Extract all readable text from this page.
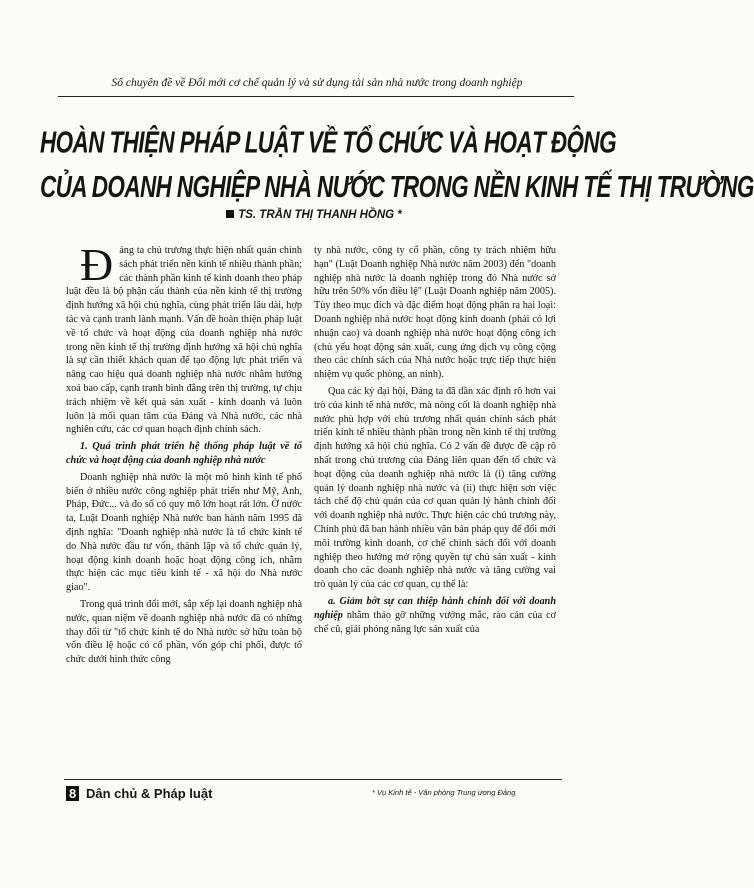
Số chuyên đề về Đổi mới cơ chế quản lý và sử dụng tài sản nhà nước trong doanh nghiệp
HOÀN THIỆN PHÁP LUẬT VỀ TỔ CHỨC VÀ HOẠT ĐỘNG
CỦA DOANH NGHIỆP NHÀ NƯỚC TRONG NỀN KINH TẾ THỊ TRƯỜNG
TS. TRẦN THỊ THANH HỒNG *

Đảng ta chủ trương thực hiện nhất quán chính sách phát triển nền kinh tế nhiều thành phần; các thành phần kinh tế kinh doanh theo pháp luật đều là bộ phận cấu thành của nền kinh tế thị trường định hướng xã hội chủ nghĩa, cùng phát triển lâu dài, hợp tác và cạnh tranh lành mạnh. Vấn đề hoàn thiện pháp luật về tổ chức và hoạt động của doanh nghiệp nhà nước trong nền kinh tế thị trường định hướng xã hội chủ nghĩa là sự cần thiết khách quan để tạo động lực phát triển và nâng cao hiệu quả doanh nghiệp nhà nước nhằm hướng xoá bao cấp, cạnh tranh bình đẳng trên thị trường, tự chịu trách nhiệm về kết quả sản xuất - kinh doanh và luôn luôn là mối quan tâm của Đảng và Nhà nước, các nhà nghiên cứu, các cơ quan hoạch định chính sách.

1. Quá trình phát triển hệ thống pháp luật về tổ chức và hoạt động của doanh nghiệp nhà nước

Doanh nghiệp nhà nước là một mô hình kinh tế phổ biến ở nhiều nước công nghiệp phát triển như Mỹ, Anh, Pháp, Đức... và đo số có quy mô lớn hoạt rất lớn. Ở nước ta, Luật Doanh nghiệp Nhà nước ban hành năm 1995 đã định nghĩa: "Doanh nghiệp nhà nước là tổ chức kinh tế do Nhà nước đầu tư vốn, thành lập và tổ chức quản lý, hoạt động kinh doanh hoặc hoạt động công ích, nhằm thực hiện các mục tiêu kinh tế - xã hội do Nhà nước giao".

Trong quá trình đổi mới, sắp xếp lại doanh nghiệp nhà nước, quan niệm về doanh nghiệp nhà nước đã có những thay đổi từ "tổ chức kinh tế do Nhà nước sở hữu toàn bộ vốn điều lệ hoặc có cổ phần, vốn góp chi phối, được tổ chức dưới hình thức công

ty nhà nước, công ty cổ phần, công ty trách nhiệm hữu hạn" (Luật Doanh nghiệp Nhà nước năm 2003) đến "doanh nghiệp nhà nước là doanh nghiệp trong đó Nhà nước sở hữu trên 50% vốn điều lệ" (Luật Doanh nghiệp năm 2005). Tùy theo mục đích và đặc điểm hoạt động phân ra hai loại: Doanh nghiệp nhà nước hoạt động kinh doanh (phải có lợi nhuận cao) và doanh nghiệp nhà nước hoạt động công ích (chủ yếu hoạt động sản xuất, cung ứng dịch vụ công cộng theo các chính sách của Nhà nước hoặc trực tiếp thực hiện nhiệm vụ quốc phòng, an ninh).

Qua các kỳ đại hội, Đảng ta đã dần xác định rõ hơn vai trò của kinh tế nhà nước, mà nòng cốt là doanh nghiệp nhà nước phù hợp với chủ trương nhất quán chính sách phát triển kinh tế nhiều thành phần trong nền kinh tế thị trường định hướng xã hội chủ nghĩa. Có 2 vấn đề được đề cập rõ nhất trong chủ trương của Đảng liên quan đến tổ chức và hoạt động của doanh nghiệp nhà nước là (i) tăng cường quản lý doanh nghiệp nhà nước và (ii) thực hiện sơn việc tách chế độ chủ quản của cơ quan quản lý hành chính đối với doanh nghiệp nhà nước. Thực hiện các chủ trương này, Chính phủ đã ban hành nhiều văn bản pháp quy để đổi mới môi trường kinh doanh, cơ chế chính sách đối với doanh nghiệp theo hướng mở rộng quyền tự chủ sản xuất - kinh doanh cho các doanh nghiệp nhà nước và tăng cường vai trò quản lý của các cơ quan, cụ thể là:

a. Giảm bớt sự can thiệp hành chính đối với doanh nghiệp nhằm tháo gỡ những vướng mắc, rào cản của cơ chế cũ, giải phóng năng lực sản xuất của

8 Dân chủ & Pháp luật	* Vụ Kinh tế - Văn phòng Trung ương Đảng
